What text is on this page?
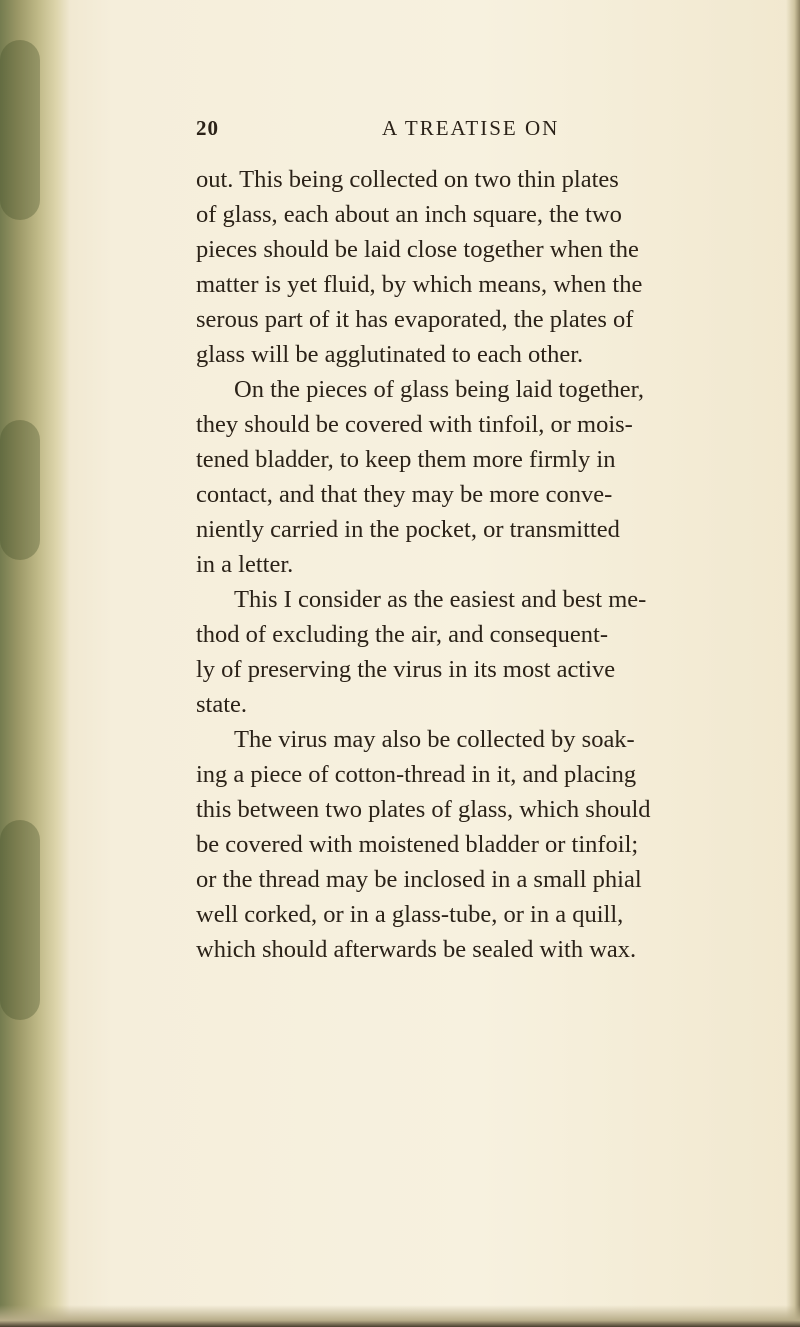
20	A TREATISE ON
out. This being collected on two thin plates
of glass, each about an inch square, the two
pieces should be laid close together when the
matter is yet fluid, by which means, when the
serous part of it has evaporated, the plates of
glass will be agglutinated to each other.
On the pieces of glass being laid together,
they should be covered with tinfoil, or mois-
tened bladder, to keep them more firmly in
contact, and that they may be more conve-
niently carried in the pocket, or transmitted
in a letter.
This I consider as the easiest and best me-
thod of excluding the air, and consequent-
ly of preserving the virus in its most active
state.
The virus may also be collected by soak-
ing a piece of cotton-thread in it, and placing
this between two plates of glass, which should
be covered with moistened bladder or tinfoil;
or the thread may be inclosed in a small phial
well corked, or in a glass-tube, or in a quill,
which should afterwards be sealed with wax.
